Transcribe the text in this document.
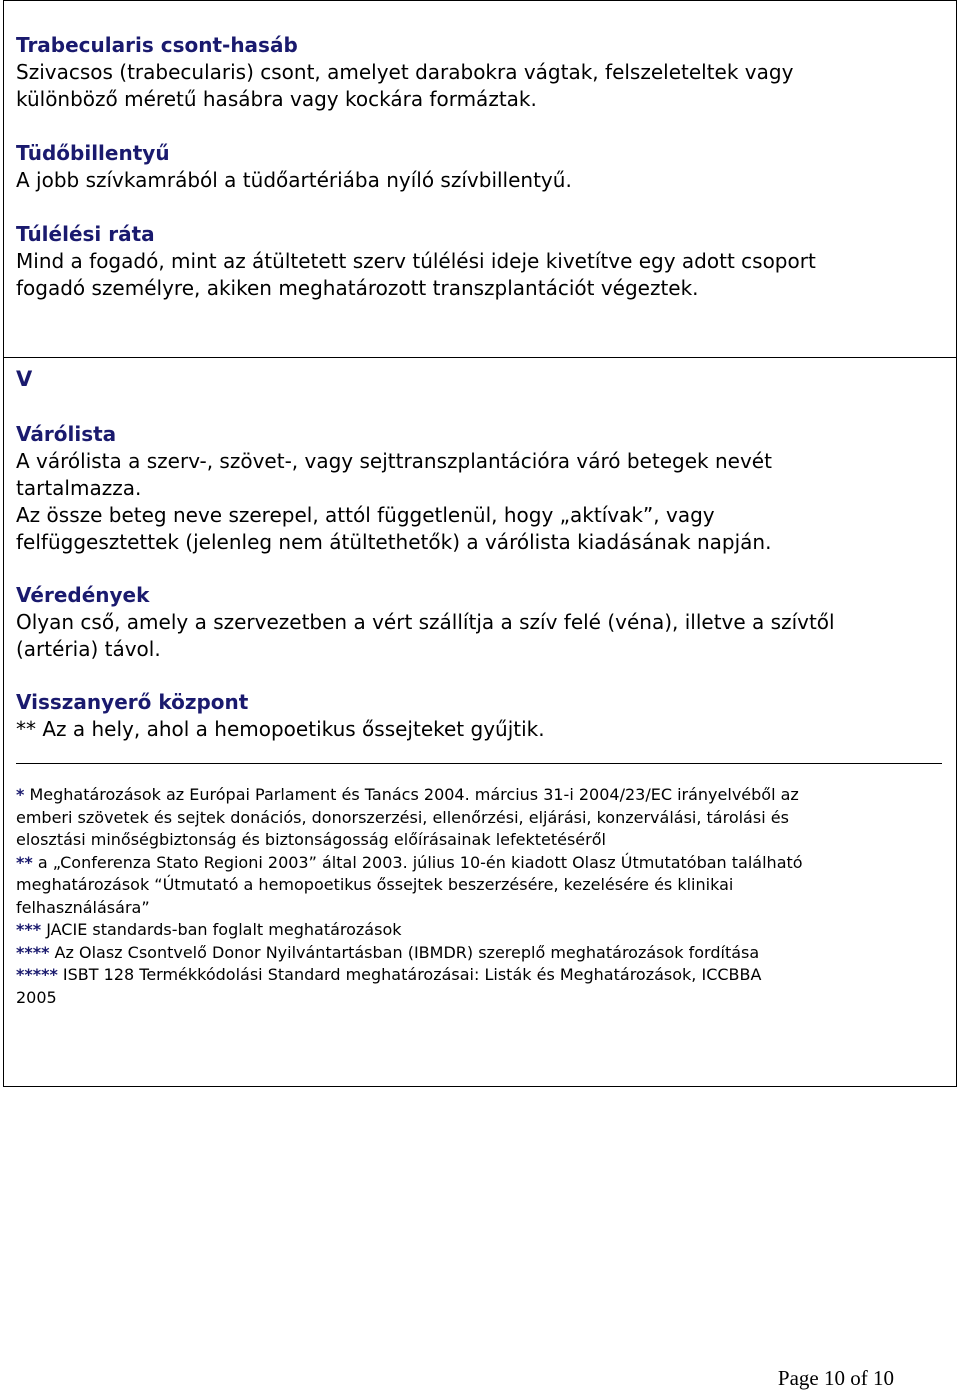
Trabecularis csont-hasáb

Szivacsos (trabecularis) csont, amelyet darabokra vágtak, felszeleteltek vagy

különböző méretű hasábra vagy kockára formáztak.

Tüdőbillentyű

A jobb szívkamrából a tüdőartériába nyíló szívbillentyű.

Túlélési ráta

Mind a fogadó, mint az átültetett szerv túlélési ideje kivetítve egy adott csoport

fogadó személyre, akiken meghatározott transzplantációt végeztek.

V

Várólista

A várólista a szerv-, szövet-, vagy sejttranszplantációra váró betegek nevét

tartalmazza.

Az össze beteg neve szerepel, attól függetlenül, hogy „aktívak”, vagy

felfüggesztettek (jelenleg nem átültethetők) a várólista kiadásának napján.

Véredények

Olyan cső, amely a szervezetben a vért szállítja a szív felé (véna), illetve a szívtől

(artéria) távol.

Visszanyerő központ

** Az a hely, ahol a hemopoetikus őssejteket gyűjtik.

* Meghatározások az Európai Parlament és Tanács 2004. március 31-i 2004/23/EC irányelvéből az

emberi szövetek és sejtek donációs, donorszerzési, ellenőrzési, eljárási, konzerválási, tárolási és

elosztási minőségbiztonság és biztonságosság előírásainak lefektetéséről

** a „Conferenza Stato Regioni 2003” által 2003. július 10-én kiadott Olasz Útmutatóban található

meghatározások “Útmutató a hemopoetikus őssejtek beszerzésére, kezelésére és klinikai

felhasználására”

*** JACIE standards-ban foglalt meghatározások

**** Az Olasz Csontvelő Donor Nyilvántartásban (IBMDR) szereplő meghatározások fordítása

***** ISBT 128 Termékkódolási Standard meghatározásai: Listák és Meghatározások, ICCBBA

2005

Page 10 of 10
